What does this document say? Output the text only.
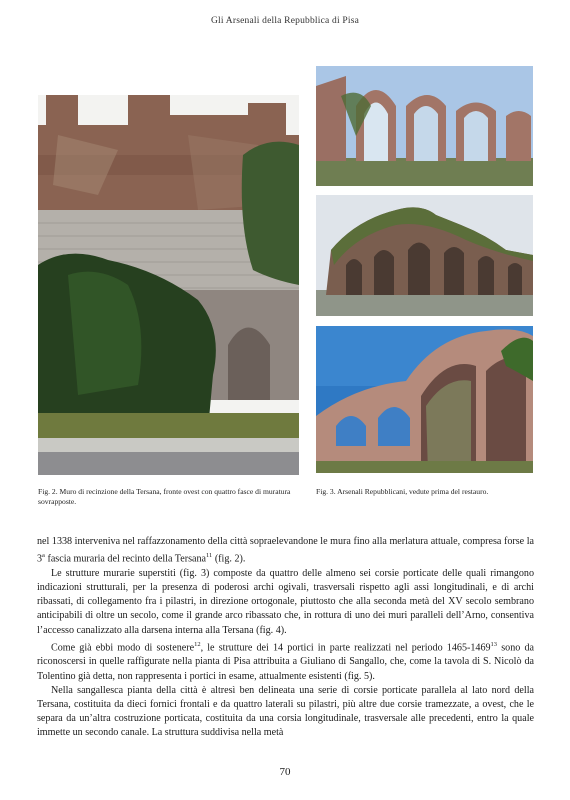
Gli Arsenali della Repubblica di Pisa
Fig. 2. Muro di recinzione della Tersana, fronte ovest con quattro fasce di muratura sovrapposte.
Fig. 3. Arsenali Repubblicani, vedute prima del restauro.

nel 1338 interveniva nel raffazzonamento della città sopraelevandone le mura fino alla merlatura attuale, compresa forse la 3$^a$ fascia muraria del recinto della Tersana$^{11}$ (fig. 2).

Le strutture murarie superstiti (fig. 3) composte da quattro delle almeno sei corsie porticate delle quali rimangono indicazioni strutturali, per la presenza di poderosi archi ogivali, trasversali rispetto agli assi longitudinali, e di archi ribassati, di collegamento fra i pilastri, in direzione ortogonale, piuttosto che alla seconda metà del XV secolo sembrano anticipabili di oltre un secolo, come il grande arco ribassato che, in rottura di uno dei muri paralleli dell’Arno, consentiva l’accesso canalizzato alla darsena interna alla Tersana (fig. 4).

Come già ebbi modo di sostenere$^{12}$, le strutture dei 14 portici in parte realizzati nel periodo 1465-1469$^{13}$ sono da riconoscersi in quelle raffigurate nella pianta di Pisa attribuita a Giuliano di Sangallo, che, come la tavola di S. Nicolò da Tolentino già detta, non rappresenta i portici in esame, attualmente esistenti (fig. 5).

Nella sangallesca pianta della città è altresì ben delineata una serie di corsie porticate parallela al lato nord della Tersana, costituita da dieci fornici frontali e da quattro laterali su pilastri, più altre due corsie tramezzate, a ovest, che le separa da un’altra costruzione porticata, costituita da una corsia longitudinale, trasversale alle precedenti, entro la quale immette un secondo canale. La struttura suddivisa nella metà

70
